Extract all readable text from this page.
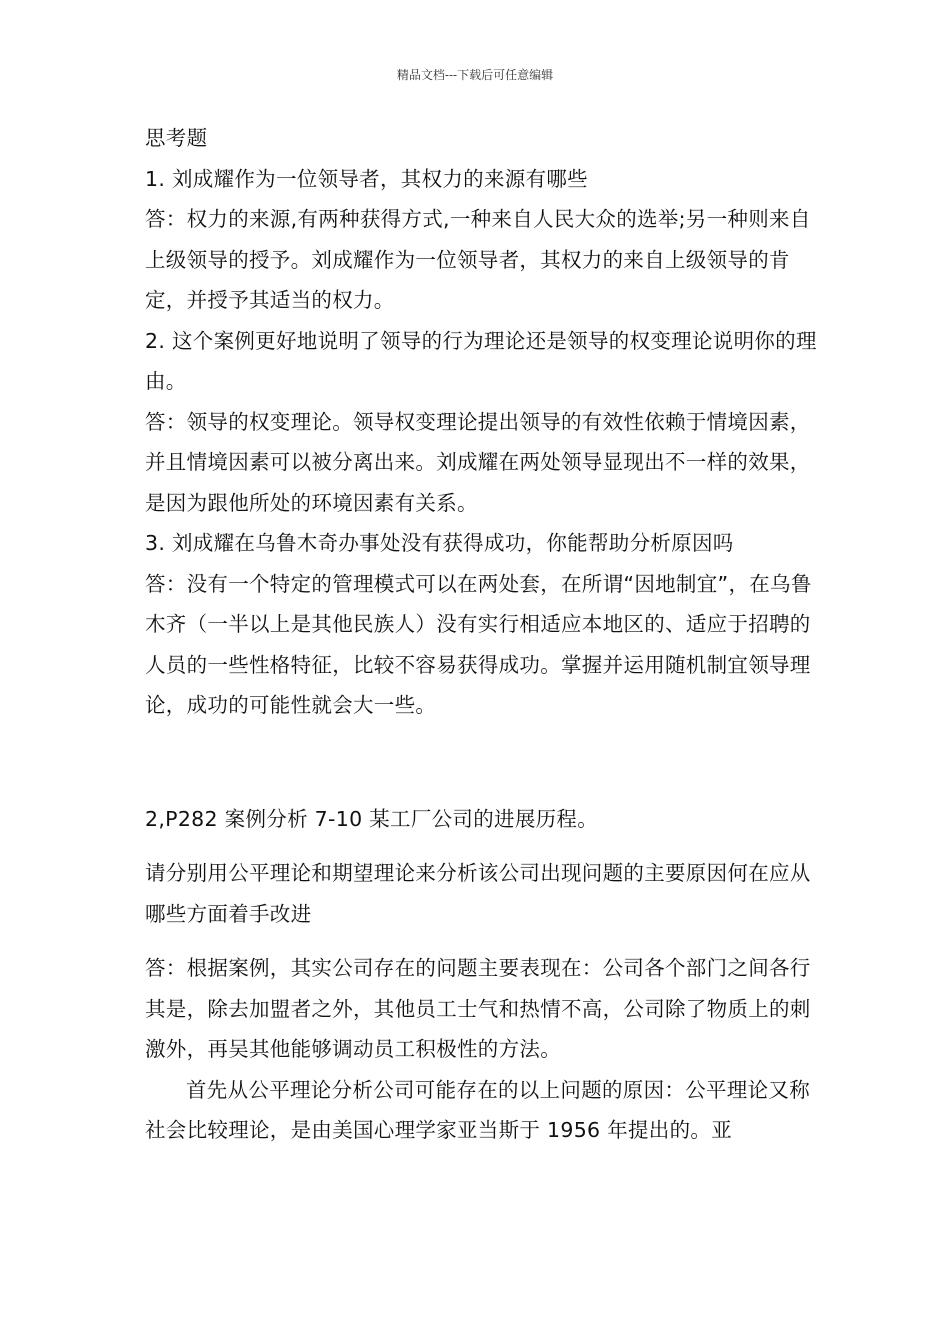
精品文档---下载后可任意编辑

思考题

1. 刘成耀作为一位领导者，其权力的来源有哪些

答：权力的来源,有两种获得方式,一种来自人民大众的选举;另一种则来自上级领导的授予。刘成耀作为一位领导者，其权力的来自上级领导的肯定，并授予其适当的权力。

2. 这个案例更好地说明了领导的行为理论还是领导的权变理论说明你的理由。

答：领导的权变理论。领导权变理论提出领导的有效性依赖于情境因素，并且情境因素可以被分离出来。刘成耀在两处领导显现出不一样的效果，是因为跟他所处的环境因素有关系。

3. 刘成耀在乌鲁木奇办事处没有获得成功，你能帮助分析原因吗

答：没有一个特定的管理模式可以在两处套，在所谓“因地制宜”，在乌鲁木齐（一半以上是其他民族人）没有实行相适应本地区的、适应于招聘的人员的一些性格特征，比较不容易获得成功。掌握并运用随机制宜领导理论，成功的可能性就会大一些。

2,P282 案例分析 7-10 某工厂公司的进展历程。

请分别用公平理论和期望理论来分析该公司出现问题的主要原因何在应从哪些方面着手改进

答：根据案例，其实公司存在的问题主要表现在：公司各个部门之间各行其是，除去加盟者之外，其他员工士气和热情不高，公司除了物质上的刺激外，再吴其他能够调动员工积极性的方法。

首先从公平理论分析公司可能存在的以上问题的原因：公平理论又称社会比较理论，是由美国心理学家亚当斯于 1956 年提出的。亚
